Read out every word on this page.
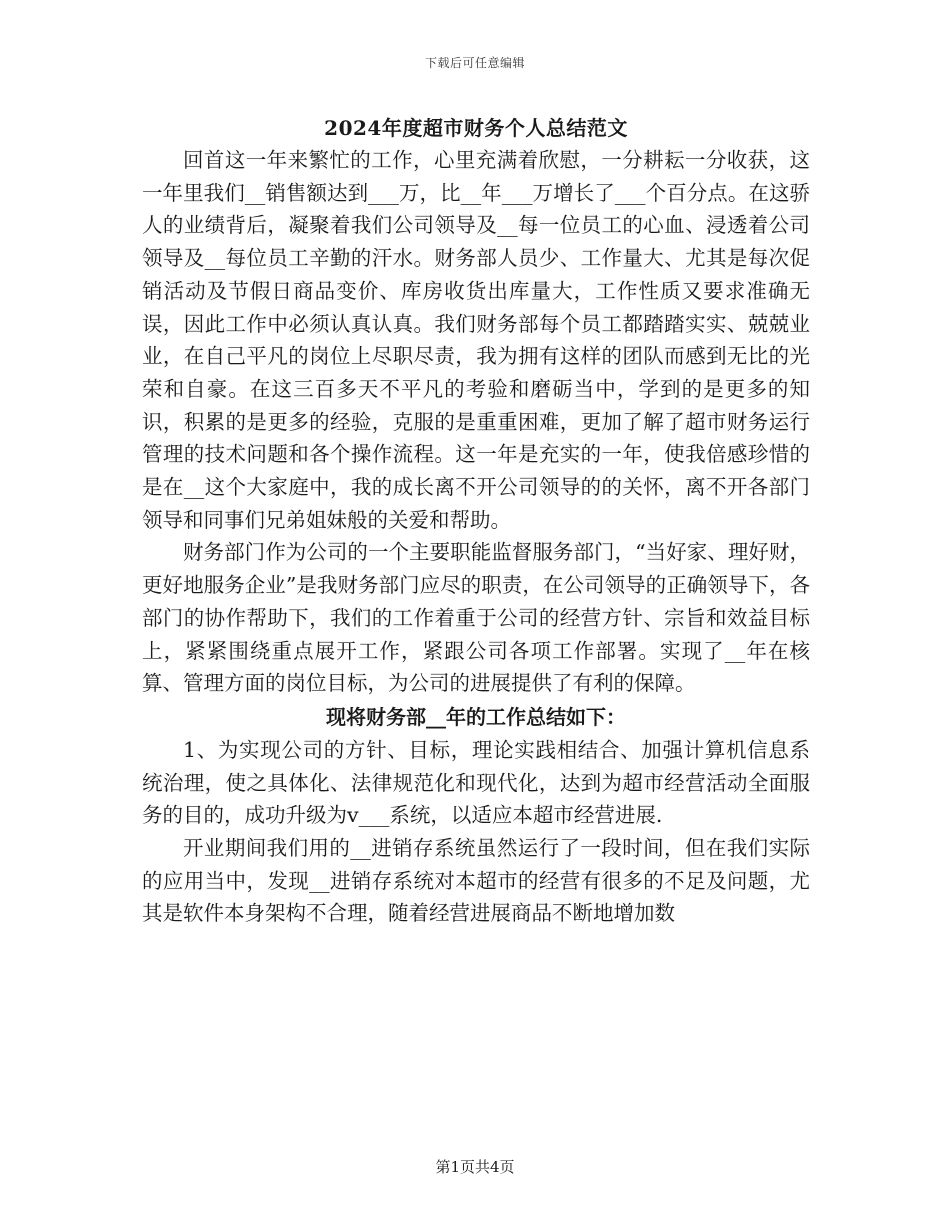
下载后可任意编辑
2024年度超市财务个人总结范文

回首这一年来繁忙的工作，心里充满着欣慰，一分耕耘一分收获，这一年里我们__销售额达到___万，比__年___万增长了___个百分点。在这骄人的业绩背后，凝聚着我们公司领导及__每一位员工的心血、浸透着公司领导及__每位员工辛勤的汗水。财务部人员少、工作量大、尤其是每次促销活动及节假日商品变价、库房收货出库量大，工作性质又要求准确无误，因此工作中必须认真认真。我们财务部每个员工都踏踏实实、兢兢业业，在自己平凡的岗位上尽职尽责，我为拥有这样的团队而感到无比的光荣和自豪。在这三百多天不平凡的考验和磨砺当中，学到的是更多的知识，积累的是更多的经验，克服的是重重困难，更加了解了超市财务运行管理的技术问题和各个操作流程。这一年是充实的一年，使我倍感珍惜的是在__这个大家庭中，我的成长离不开公司领导的的关怀，离不开各部门领导和同事们兄弟姐妹般的关爱和帮助。

财务部门作为公司的一个主要职能监督服务部门，“当好家、理好财，更好地服务企业”是我财务部门应尽的职责，在公司领导的正确领导下，各部门的协作帮助下，我们的工作着重于公司的经营方针、宗旨和效益目标上，紧紧围绕重点展开工作，紧跟公司各项工作部署。实现了__年在核算、管理方面的岗位目标，为公司的进展提供了有利的保障。

现将财务部__年的工作总结如下：

1、为实现公司的方针、目标，理论实践相结合、加强计算机信息系统治理，使之具体化、法律规范化和现代化，达到为超市经营活动全面服务的目的，成功升级为v___系统，以适应本超市经营进展.

开业期间我们用的__进销存系统虽然运行了一段时间，但在我们实际的应用当中，发现__进销存系统对本超市的经营有很多的不足及问题，尤其是软件本身架构不合理，随着经营进展商品不断地增加数

第1页共4页
